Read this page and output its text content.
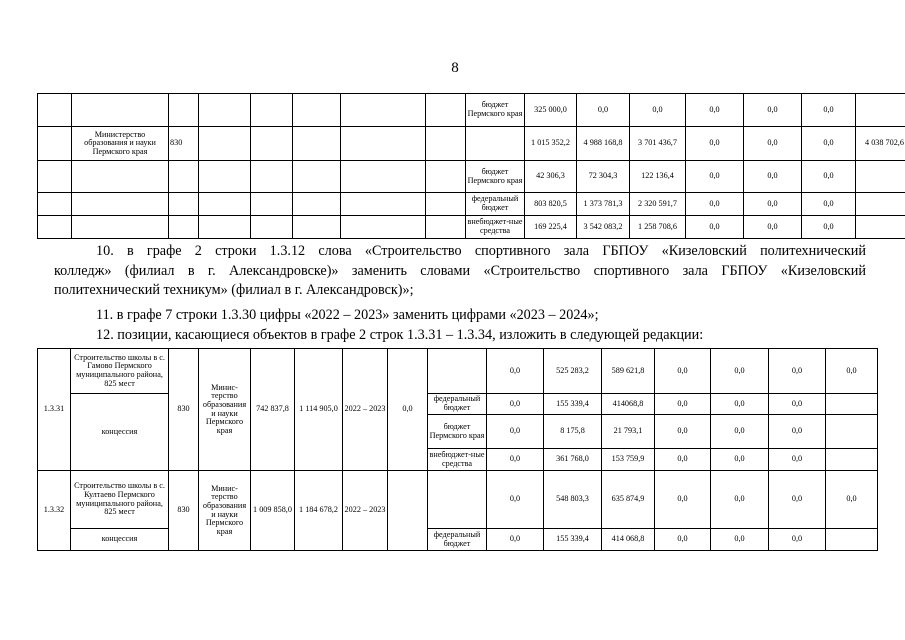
8
								бюджет Пермского края	325 000,0	0,0	0,0	0,0	0,0	0,0	
	Министерство образования и науки Пермского края	830							1 015 352,2	4 988 168,8	3 701 436,7	0,0	0,0	0,0	4 038 702,6
								бюджет Пермского края	42 306,3	72 304,3	122 136,4	0,0	0,0	0,0	
								федеральный бюджет	803 820,5	1 373 781,3	2 320 591,7	0,0	0,0	0,0	
								внебюджет-ные средства	169 225,4	3 542 083,2	1 258 708,6	0,0	0,0	0,0	
10. в графе 2 строки 1.3.12 слова «Строительство спортивного зала ГБПОУ «Кизеловский политехнический
колледж» (филиал в г. Александровске)» заменить словами «Строительство спортивного зала ГБПОУ «Кизеловский
политехнический техникум» (филиал в г. Александровск)»;
11. в графе 7 строки 1.3.30 цифры «2022 – 2023» заменить цифрами «2023 – 2024»;
12. позиции, касающиеся объектов в графе 2 строк 1.3.31 – 1.3.34, изложить в следующей редакции:
1.3.31	Строительство школы в с. Гамово Пермского муниципального района, 825 мест	830	Минис-терство образования и науки Пермского края	742 837,8	1 114 905,0	2022 – 2023	0,0		0,0	525 283,2	589 621,8	0,0	0,0	0,0	0,0
	концессия							федеральный бюджет	0,0	155 339,4	414068,8	0,0	0,0	0,0	
								бюджет Пермского края	0,0	8 175,8	21 793,1	0,0	0,0	0,0	
								внебюджет-ные средства	0,0	361 768,0	153 759,9	0,0	0,0	0,0	
1.3.32	Строительство школы в с. Култаево Пермского муниципального района, 825 мест	830	Минис-терство образования и науки Пермского края	1 009 858,0	1 184 678,2	2022 – 2023			0,0	548 803,3	635 874,9	0,0	0,0	0,0	0,0
	концессия							федеральный бюджет	0,0	155 339,4	414 068,8	0,0	0,0	0,0	
